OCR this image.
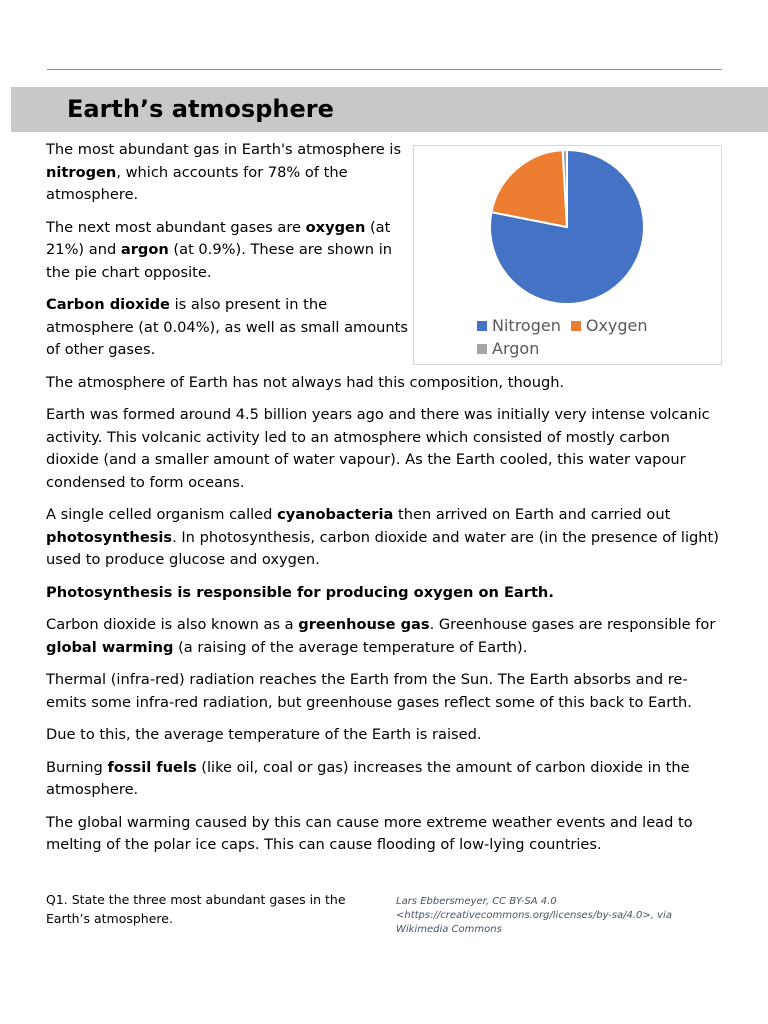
Earth’s atmosphere
Nitrogen Oxygen
Argon

The most abundant gas in Earth's atmosphere is nitrogen, which accounts for 78% of the atmosphere.

The next most abundant gases are oxygen (at 21%) and argon (at 0.9%). These are shown in the pie chart opposite.

Carbon dioxide is also present in the atmosphere (at 0.04%), as well as small amounts of other gases.

The atmosphere of Earth has not always had this composition, though.

Earth was formed around 4.5 billion years ago and there was initially very intense volcanic activity. This volcanic activity led to an atmosphere which consisted of mostly carbon dioxide (and a smaller amount of water vapour). As the Earth cooled, this water vapour condensed to form oceans.

A single celled organism called cyanobacteria then arrived on Earth and carried out photosynthesis. In photosynthesis, carbon dioxide and water are (in the presence of light) used to produce glucose and oxygen.

Photosynthesis is responsible for producing oxygen on Earth.

Carbon dioxide is also known as a greenhouse gas. Greenhouse gases are responsible for global warming (a raising of the average temperature of Earth).

Thermal (infra-red) radiation reaches the Earth from the Sun. The Earth absorbs and re-emits some infra-red radiation, but greenhouse gases reflect some of this back to Earth.

Due to this, the average temperature of the Earth is raised.

Burning fossil fuels (like oil, coal or gas) increases the amount of carbon dioxide in the atmosphere.

The global warming caused by this can cause more extreme weather events and lead to melting of the polar ice caps. This can cause flooding of low-lying countries.

Q1. State the three most abundant gases in the Earth’s atmosphere.
Lars Ebbersmeyer, CC BY-SA 4.0 <https://creativecommons.org/licenses/by-sa/4.0>, via Wikimedia Commons
